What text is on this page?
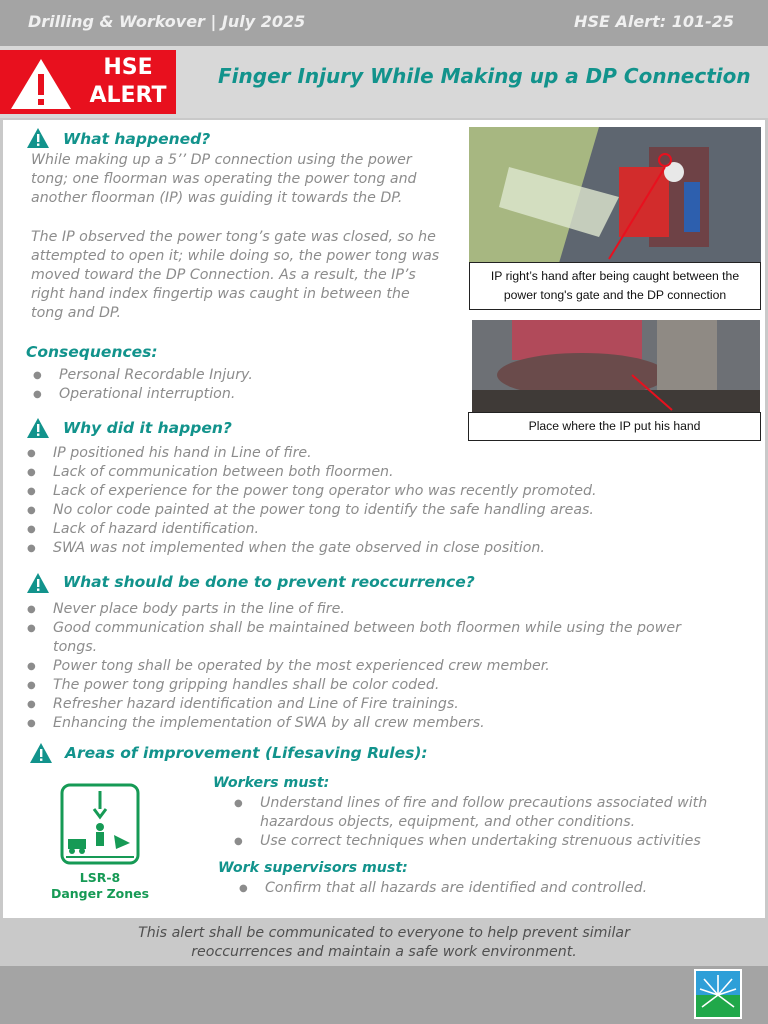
Drilling & Workover | July 2025	HSE Alert: 101-25
HSE
ALERT
Finger Injury While Making up a DP Connection
What happened?
While making up a 5’’ DP connection using the power
tong; one floorman was operating the power tong and
another floorman (IP) was guiding it towards the DP.
The IP observed the power tong’s gate was closed, so he
attempted to open it; while doing so, the power tong was
moved toward the DP Connection. As a result, the IP’s
right hand index fingertip was caught in between the
tong and DP.
IP right’s hand after being caught between the
power tong's gate and the DP connection
Place where the IP put his hand
Consequences:
● Personal Recordable Injury.
● Operational interruption.
Why did it happen?
● IP positioned his hand in Line of fire.
● Lack of communication between both floormen.
● Lack of experience for the power tong operator who was recently promoted.
● No color code painted at the power tong to identify the safe handling areas.
● Lack of hazard identification.
● SWA was not implemented when the gate observed in close position.
What should be done to prevent reoccurrence?
● Never place body parts in the line of fire.
● Good communication shall be maintained between both floormen while using the power tongs.
● Power tong shall be operated by the most experienced crew member.
● The power tong gripping handles shall be color coded.
● Refresher hazard identification and Line of Fire trainings.
● Enhancing the implementation of SWA by all crew members.
Areas of improvement (Lifesaving Rules):
LSR-8
Danger Zones
Workers must:
● Understand lines of fire and follow precautions associated with hazardous objects, equipment, and other conditions.
● Use correct techniques when undertaking strenuous activities
Work supervisors must:
● Confirm that all hazards are identified and controlled.
This alert shall be communicated to everyone to help prevent similar
reoccurrences and maintain a safe work environment.
